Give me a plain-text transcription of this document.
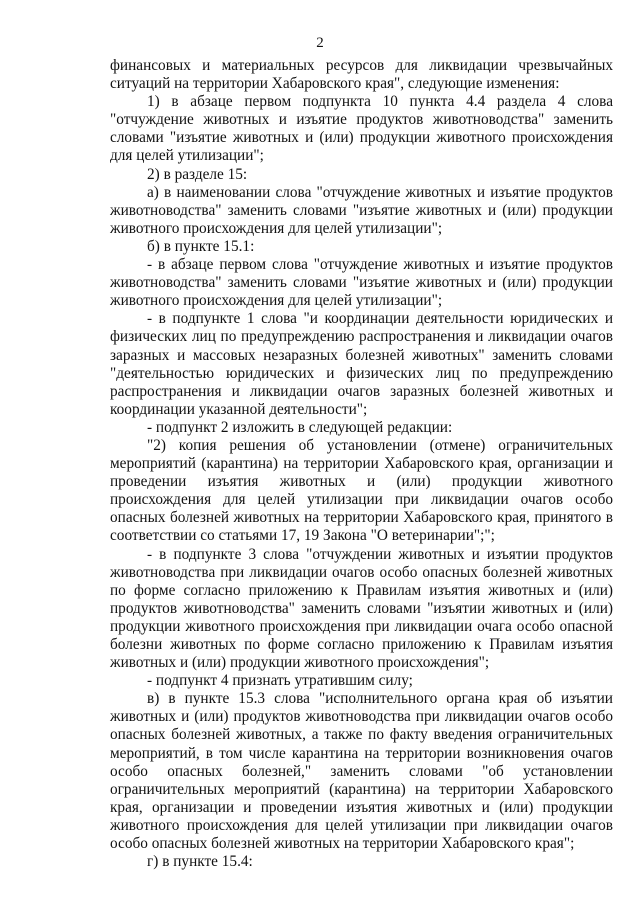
2

финансовых и материальных ресурсов для ликвидации чрезвычайных ситуаций на территории Хабаровского края", следующие изменения:

1) в абзаце первом подпункта 10 пункта 4.4 раздела 4 слова "отчуждение животных и изъятие продуктов животноводства" заменить словами "изъятие животных и (или) продукции животного происхождения для целей утилизации";

2) в разделе 15:

а) в наименовании слова "отчуждение животных и изъятие продуктов животноводства" заменить словами "изъятие животных и (или) продукции животного происхождения для целей утилизации";

б) в пункте 15.1:

- в абзаце первом слова "отчуждение животных и изъятие продуктов животноводства" заменить словами "изъятие животных и (или) продукции животного происхождения для целей утилизации";

- в подпункте 1 слова "и координации деятельности юридических и физических лиц по предупреждению распространения и ликвидации очагов заразных и массовых незаразных болезней животных" заменить словами "деятельностью юридических и физических лиц по предупреждению распространения и ликвидации очагов заразных болезней животных и координации указанной деятельности";

- подпункт 2 изложить в следующей редакции:

"2) копия решения об установлении (отмене) ограничительных мероприятий (карантина) на территории Хабаровского края, организации и проведении изъятия животных и (или) продукции животного происхождения для целей утилизации при ликвидации очагов особо опасных болезней животных на территории Хабаровского края, принятого в соответствии со статьями 17, 19 Закона "О ветеринарии";";

- в подпункте 3 слова "отчуждении животных и изъятии продуктов животноводства при ликвидации очагов особо опасных болезней животных по форме согласно приложению к Правилам изъятия животных и (или) продуктов животноводства" заменить словами "изъятии животных и (или) продукции животного происхождения при ликвидации очага особо опасной болезни животных по форме согласно приложению к Правилам изъятия животных и (или) продукции животного происхождения";

- подпункт 4 признать утратившим силу;

в) в пункте 15.3 слова "исполнительного органа края об изъятии животных и (или) продуктов животноводства при ликвидации очагов особо опасных болезней животных, а также по факту введения ограничительных мероприятий, в том числе карантина на территории возникновения очагов особо опасных болезней," заменить словами "об установлении ограничительных мероприятий (карантина) на территории Хабаровского края, организации и проведении изъятия животных и (или) продукции животного происхождения для целей утилизации при ликвидации очагов особо опасных болезней животных на территории Хабаровского края";

г) в пункте 15.4:
